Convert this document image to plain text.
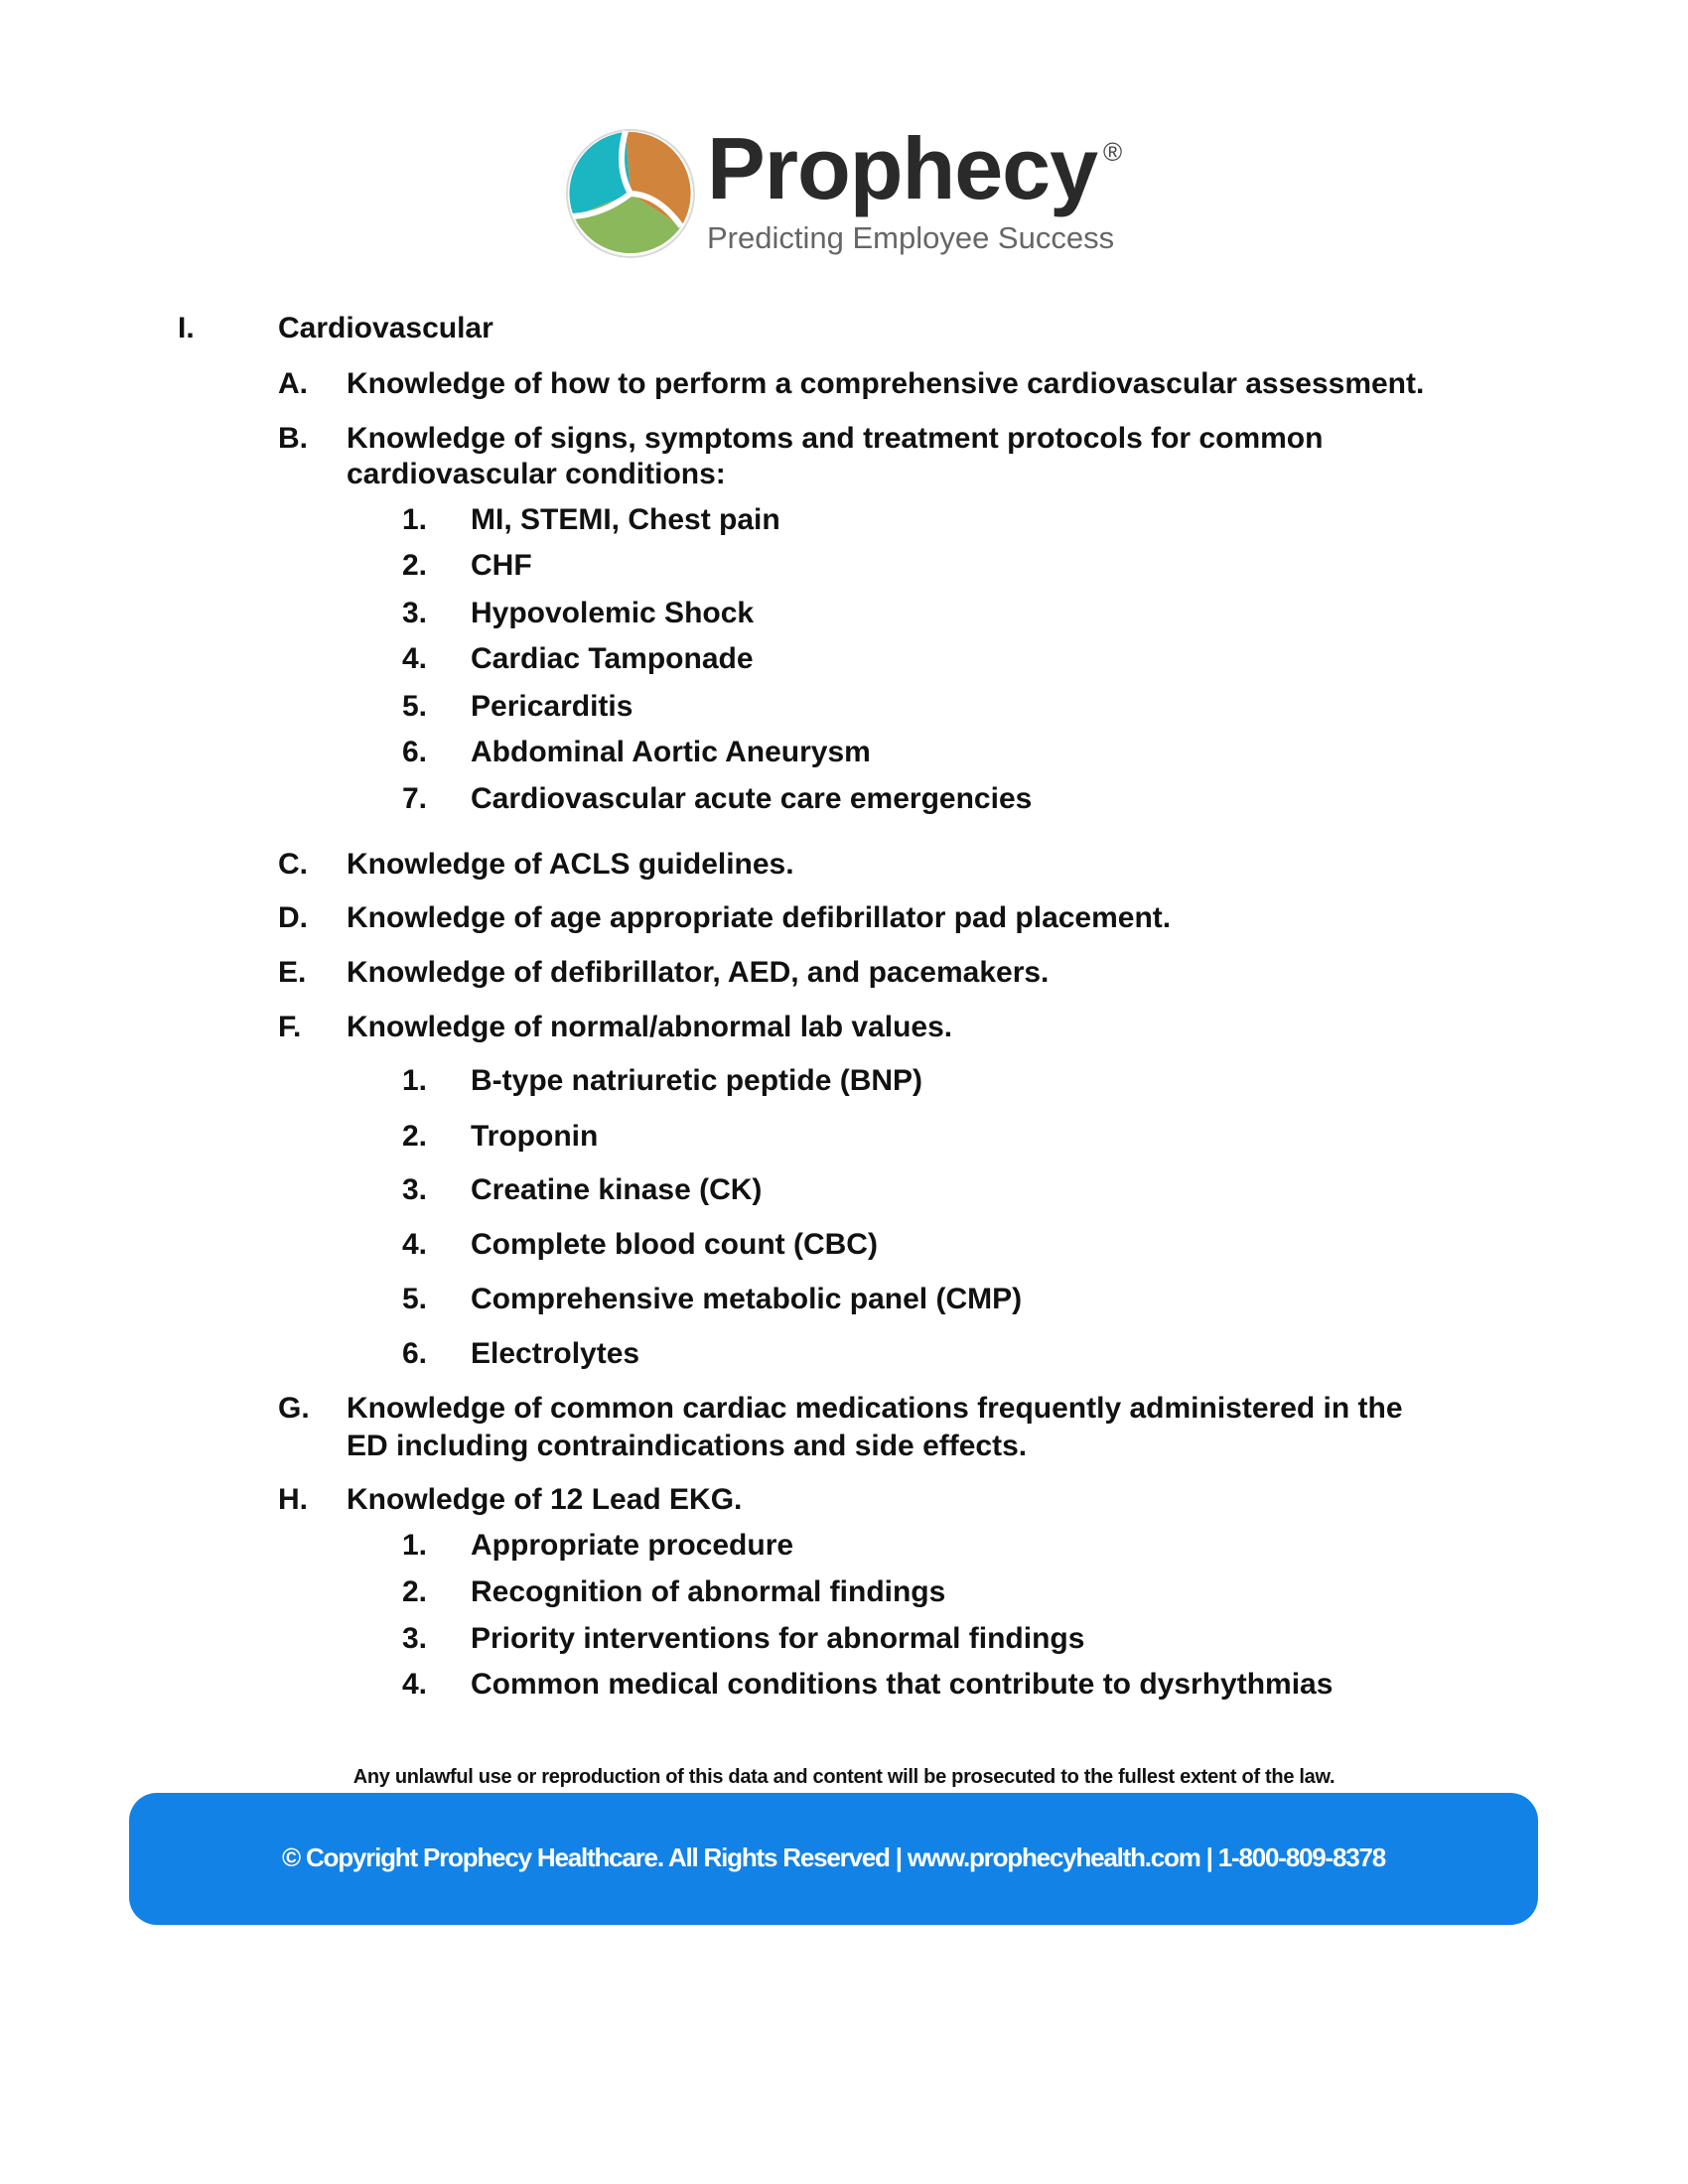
Prophecy ®
Predicting Employee Success
I.	Cardiovascular
A. Knowledge of how to perform a comprehensive cardiovascular assessment.
B. Knowledge of signs, symptoms and treatment protocols for common
cardiovascular conditions:
1. MI, STEMI, Chest pain
2. CHF
3. Hypovolemic Shock
4. Cardiac Tamponade
5. Pericarditis
6. Abdominal Aortic Aneurysm
7. Cardiovascular acute care emergencies
C. Knowledge of ACLS guidelines.
D. Knowledge of age appropriate defibrillator pad placement.
E. Knowledge of defibrillator, AED, and pacemakers.
F. Knowledge of normal/abnormal lab values.
1. B-type natriuretic peptide (BNP)
2. Troponin
3. Creatine kinase (CK)
4. Complete blood count (CBC)
5. Comprehensive metabolic panel (CMP)
6. Electrolytes
G. Knowledge of common cardiac medications frequently administered in the
ED including contraindications and side effects.
H. Knowledge of 12 Lead EKG.
1. Appropriate procedure
2. Recognition of abnormal findings
3. Priority interventions for abnormal findings
4. Common medical conditions that contribute to dysrhythmias
Any unlawful use or reproduction of this data and content will be prosecuted to the fullest extent of the law.
© Copyright Prophecy Healthcare. All Rights Reserved | www.prophecyhealth.com | 1-800-809-8378
